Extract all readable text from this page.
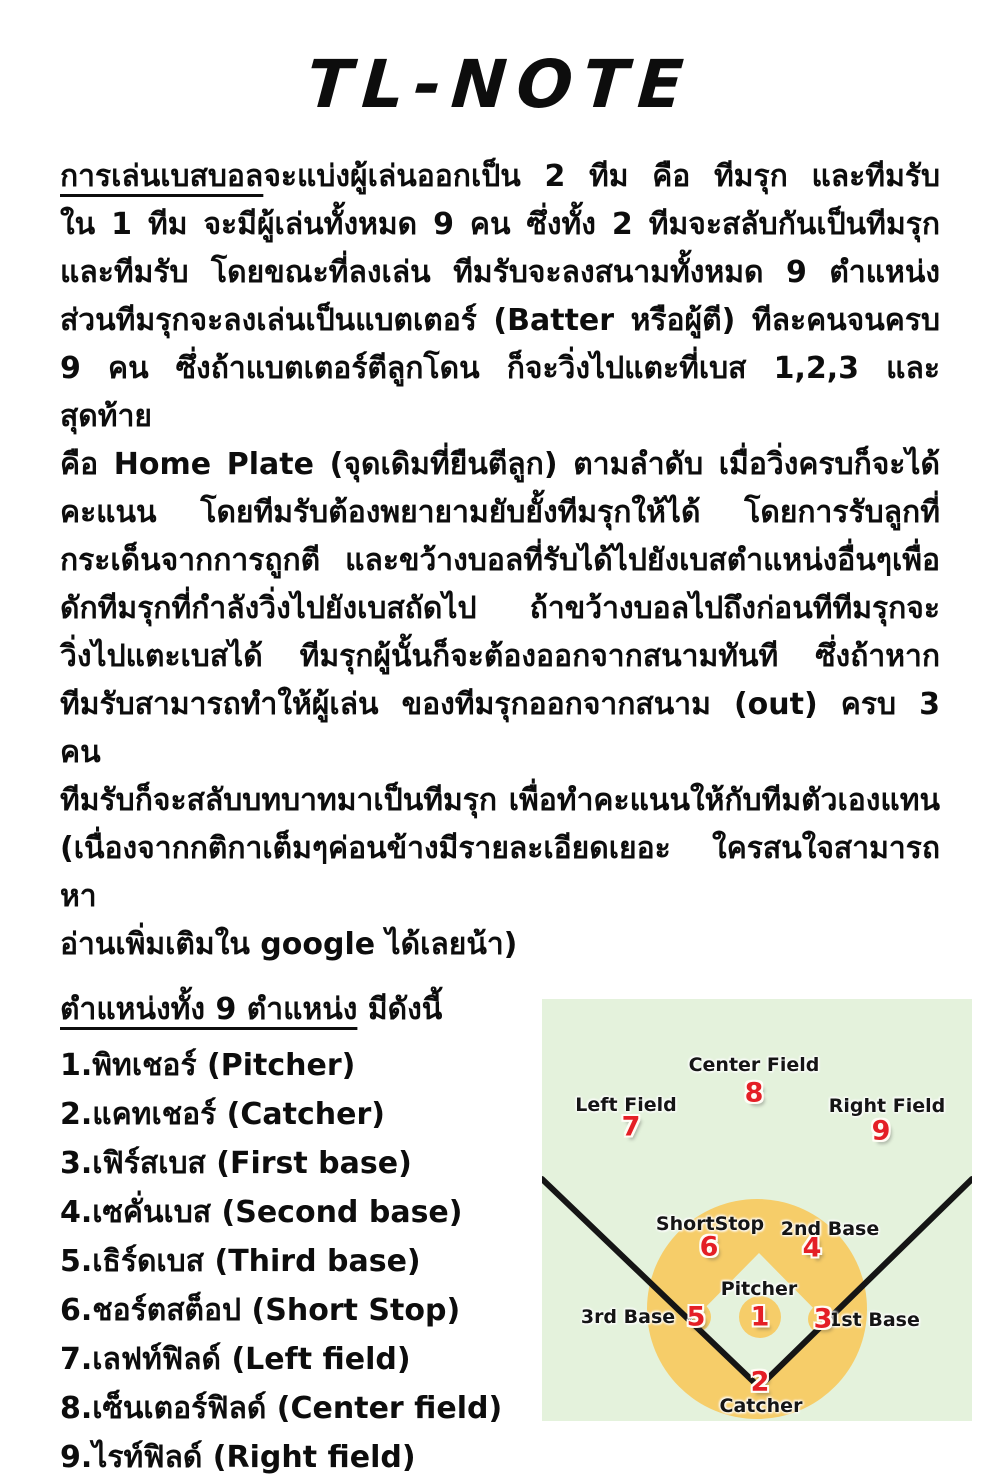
TL-NOTE
การเล่นเบสบอลจะแบ่งผู้เล่นออกเป็น 2 ทีม คือ ทีมรุก และทีมรับ
ใน 1 ทีม จะมีผู้เล่นทั้งหมด 9 คน ซึ่งทั้ง 2 ทีมจะสลับกันเป็นทีมรุก
และทีมรับ โดยขณะที่ลงเล่น ทีมรับจะลงสนามทั้งหมด 9 ตำแหน่ง
ส่วนทีมรุกจะลงเล่นเป็นแบตเตอร์ (Batter หรือผู้ตี) ทีละคนจนครบ
9 คน ซึ่งถ้าแบตเตอร์ตีลูกโดน ก็จะวิ่งไปแตะที่เบส 1,2,3 และสุดท้าย
คือ Home Plate (จุดเดิมที่ยืนตีลูก) ตามลำดับ เมื่อวิ่งครบก็จะได้
คะแนน โดยทีมรับต้องพยายามยับยั้งทีมรุกให้ได้ โดยการรับลูกที่
กระเด็นจากการถูกตี และขว้างบอลที่รับได้ไปยังเบสตำแหน่งอื่นๆเพื่อ
ดักทีมรุกที่กำลังวิ่งไปยังเบสถัดไป ถ้าขว้างบอลไปถึงก่อนทีทีมรุกจะ
วิ่งไปแตะเบสได้ ทีมรุกผู้นั้นก็จะต้องออกจากสนามทันที ซึ่งถ้าหาก
ทีมรับสามารถทำให้ผู้เล่น ของทีมรุกออกจากสนาม (out) ครบ 3 คน
ทีมรับก็จะสลับบทบาทมาเป็นทีมรุก เพื่อทำคะแนนให้กับทีมตัวเองแทน
(เนื่องจากกติกาเต็มๆค่อนข้างมีรายละเอียดเยอะ ใครสนใจสามารถหา
อ่านเพิ่มเติมใน google ได้เลยน้า)
ตำแหน่งทั้ง 9 ตำแหน่ง มีดังนี้
1.พิทเชอร์ (Pitcher)
2.แคทเชอร์ (Catcher)
3.เฟิร์สเบส (First base)
4.เซคั่นเบส (Second base)
5.เธิร์ดเบส (Third base)
6.ชอร์ตสต็อป (Short Stop)
7.เลฟท์ฟิลด์ (Left field)
8.เซ็นเตอร์ฟิลด์ (Center field)
9.ไรท์ฟิลด์ (Right field)
Center Field
8
Left Field
7
Right Field
9
ShortStop
6
2nd Base
4
3rd Base 5
Pitcher
1	1st Base
3
Catcher
2
